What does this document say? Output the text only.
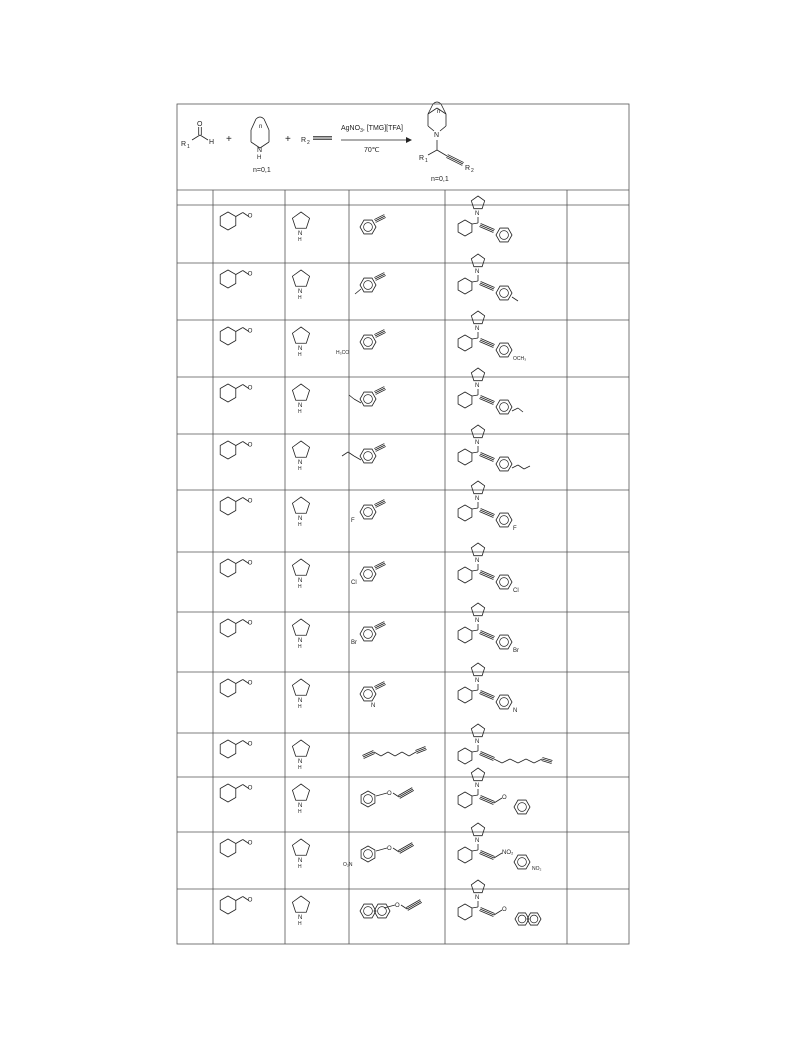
O
H
R 1
+
n
N
H
n=0,1
+ R 2
AgNO$_3$, [TMG][TFA]
70℃
n
N
R 1
R 2
n=0,1
O
N
H
N
O
N
H
N
O
N
H	H₃CO
N
OCH₃
O
N
H
N
O
N
H
N
O
N
H
F
N
F
O
N
H
Cl
N
Cl
O
N
H
Br
N
Br
O
N
H	N
N
N
O
N
H
N
O
N
H
O
N
O
O
N
H	O₂N
O
N
NO₂
NO₂
O
N
H
O
N
O
